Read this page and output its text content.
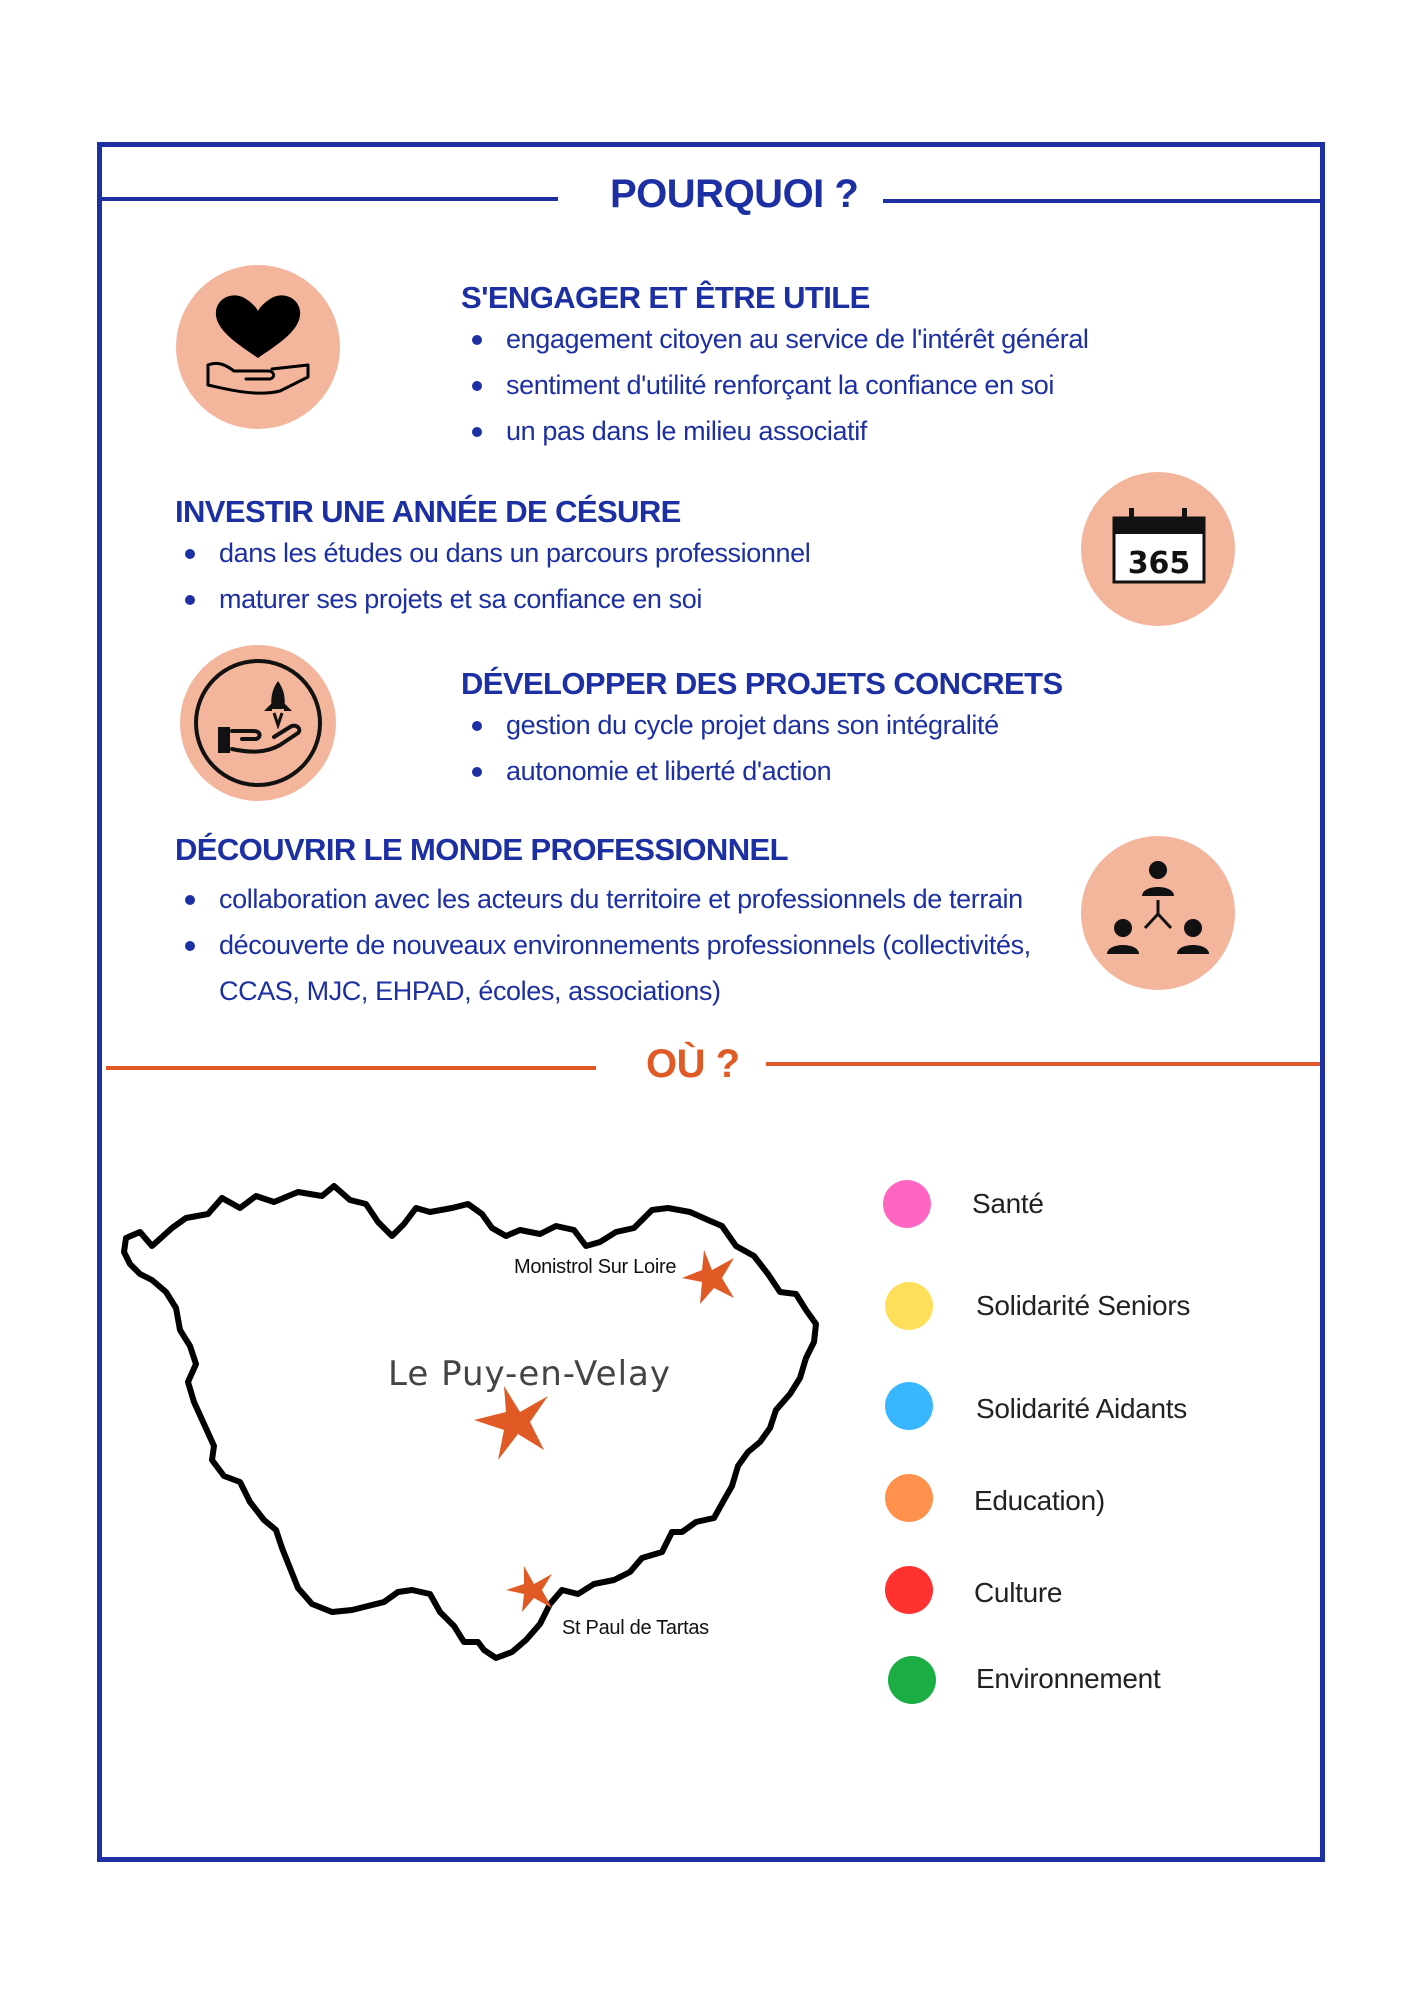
POURQUOI ?
S'ENGAGER ET ÊTRE UTILE
engagement citoyen au service de l'intérêt général
sentiment d'utilité renforçant la confiance en soi
un pas dans le milieu associatif
INVESTIR UNE ANNÉE DE CÉSURE
dans les études ou dans un parcours professionnel
maturer ses projets et sa confiance en soi
365
DÉVELOPPER DES PROJETS CONCRETS
gestion du cycle projet dans son intégralité
autonomie et liberté d'action
DÉCOUVRIR LE MONDE PROFESSIONNEL
collaboration avec les acteurs du territoire et professionnels de terrain
découverte de nouveaux environnements professionnels (collectivités,
CCAS, MJC, EHPAD, écoles, associations)
OÙ ?
Le Puy-en-Velay
Monistrol Sur Loire
St Paul de Tartas
Santé
Solidarité Seniors
Solidarité Aidants
Education)
Culture
Environnement
